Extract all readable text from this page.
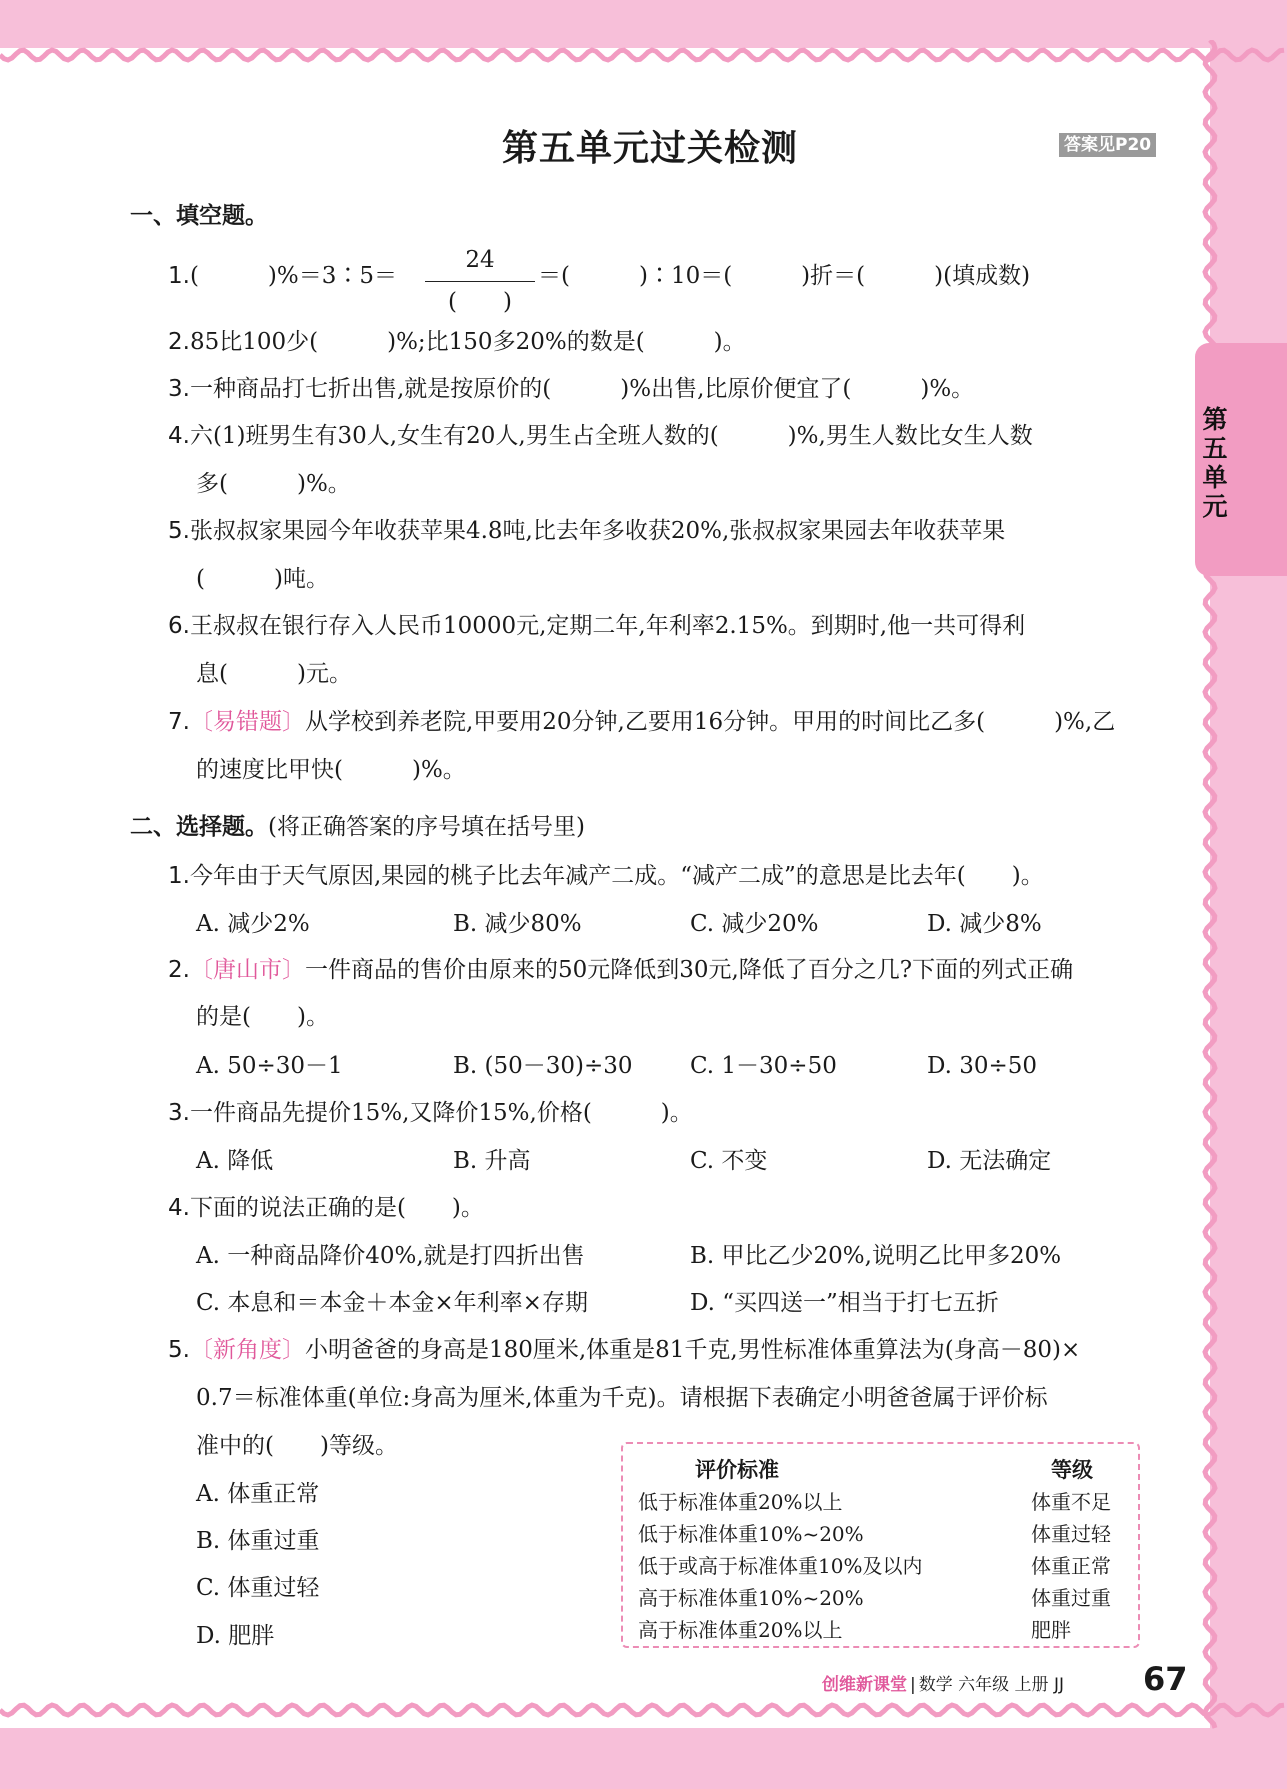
第五单元
第五单元过关检测	答案见P20
一、填空题。
1.(　　　)%＝3∶5＝
24
(　　)
＝(　　　)∶10＝(　　　)折＝(　　　)(填成数)
2.85比100少(　　　)%;比150多20%的数是(　　　)。
3.一种商品打七折出售,就是按原价的(　　　)%出售,比原价便宜了(　　　)%。
4.六(1)班男生有30人,女生有20人,男生占全班人数的(　　　)%,男生人数比女生人数
多(　　　)%。
5.张叔叔家果园今年收获苹果4.8吨,比去年多收获20%,张叔叔家果园去年收获苹果
(　　　)吨。
6.王叔叔在银行存入人民币10000元,定期二年,年利率2.15%。到期时,他一共可得利
息(　　　)元。
7.〔易错题〕从学校到养老院,甲要用20分钟,乙要用16分钟。甲用的时间比乙多(　　　)%,乙
的速度比甲快(　　　)%。
二、选择题。(将正确答案的序号填在括号里)
1.今年由于天气原因,果园的桃子比去年减产二成。“减产二成”的意思是比去年(　　)。
A. 减少2%	B. 减少80%	C. 减少20%	D. 减少8%
2.〔唐山市〕一件商品的售价由原来的50元降低到30元,降低了百分之几?下面的列式正确
的是(　　)。
A. 50÷30－1	B. (50－30)÷30 C. 1－30÷50	D. 30÷50
3.一件商品先提价15%,又降价15%,价格(　　　)。
A. 降低	B. 升高	C. 不变	D. 无法确定
4.下面的说法正确的是(　　)。
A. 一种商品降价40%,就是打四折出售	B. 甲比乙少20%,说明乙比甲多20%
C. 本息和＝本金＋本金×年利率×存期	D. “买四送一”相当于打七五折
5.〔新角度〕小明爸爸的身高是180厘米,体重是81千克,男性标准体重算法为(身高－80)×
0.7＝标准体重(单位:身高为厘米,体重为千克)。请根据下表确定小明爸爸属于评价标
准中的(　　)等级。
A. 体重正常
B. 体重过重
C. 体重过轻
D. 肥胖
评价标准	等级
低于标准体重20%以上	体重不足
低于标准体重10%~20%	体重过轻
低于或高于标准体重10%及以内	体重正常
高于标准体重10%~20%	体重过重
高于标准体重20%以上	肥胖
创维新课堂 | 数学 六年级 上册 JJ 67
